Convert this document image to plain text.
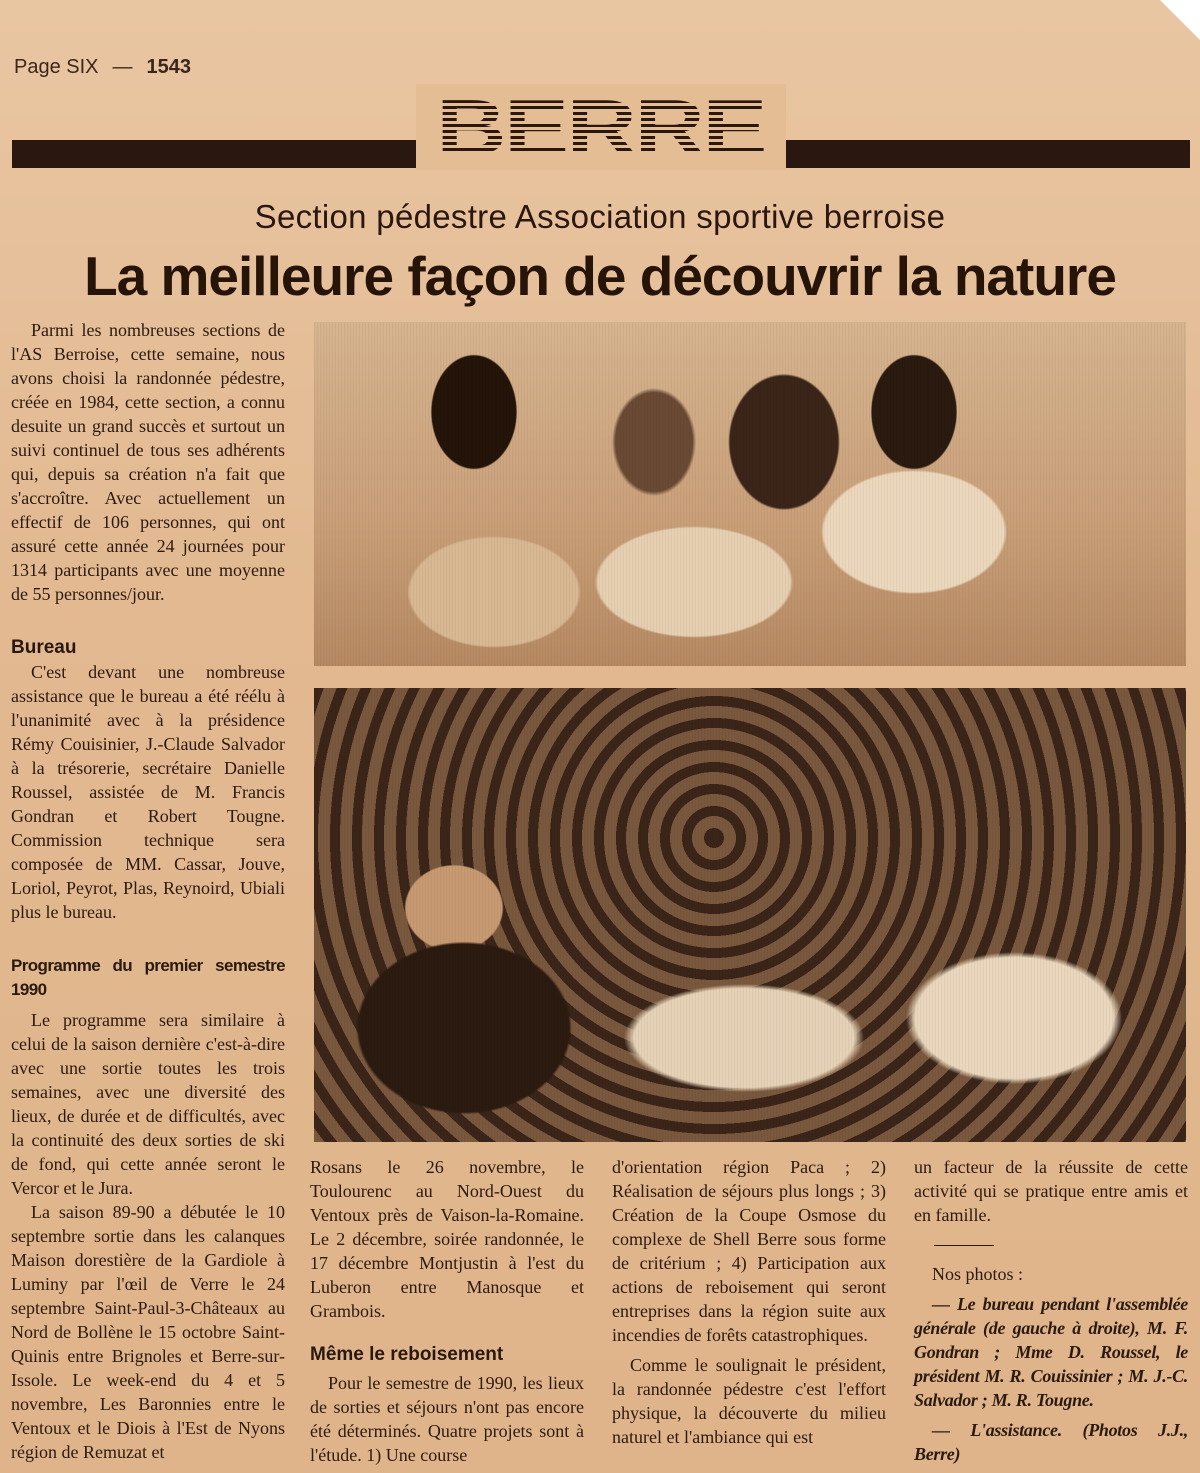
Page SIX — 1543
BERRE
Section pédestre Association sportive berroise
La meilleure façon de découvrir la nature

Parmi les nombreuses sections de l'AS Berroise, cette semaine, nous avons choisi la randonnée pédestre, créée en 1984, cette section, a connu desuite un grand succès et surtout un suivi continuel de tous ses adhérents qui, depuis sa création n'a fait que s'accroître. Avec actuellement un effectif de 106 personnes, qui ont assuré cette année 24 journées pour 1314 participants avec une moyenne de 55 personnes/jour.

Bureau

C'est devant une nombreuse assistance que le bureau a été réélu à l'unanimité avec à la présidence Rémy Couisinier, J.-Claude Salvador à la trésorerie, secrétaire Danielle Roussel, assistée de M. Francis Gondran et Robert Tougne. Commission technique sera composée de MM. Cassar, Jouve, Loriol, Peyrot, Plas, Reynoird, Ubiali plus le bureau.

Programme du premier semestre 1990

Le programme sera similaire à celui de la saison dernière c'est-à-dire avec une sortie toutes les trois semaines, avec une diversité des lieux, de durée et de difficultés, avec la continuité des deux sorties de ski de fond, qui cette année seront le Vercor et le Jura.

La saison 89-90 a débutée le 10 septembre sortie dans les calanques Maison dorestière de la Gardiole à Luminy par l'œil de Verre le 24 septembre Saint-Paul-3-Châteaux au Nord de Bollène le 15 octobre Saint-Quinis entre Brignoles et Berre-sur-Issole. Le week-end du 4 et 5 novembre, Les Baronnies entre le Ventoux et le Diois à l'Est de Nyons région de Remuzat et

Rosans le 26 novembre, le Toulourenc au Nord-Ouest du Ventoux près de Vaison-la-Romaine. Le 2 décembre, soirée randonnée, le 17 décembre Montjustin à l'est du Luberon entre Manosque et Grambois.

Même le reboisement

Pour le semestre de 1990, les lieux de sorties et séjours n'ont pas encore été déterminés. Quatre projets sont à l'étude. 1) Une course

d'orientation région Paca ; 2) Réalisation de séjours plus longs ; 3) Création de la Coupe Osmose du complexe de Shell Berre sous forme de critérium ; 4) Participation aux actions de reboisement qui seront entreprises dans la région suite aux incendies de forêts catastrophiques.

Comme le soulignait le président, la randonnée pédestre c'est l'effort physique, la découverte du milieu naturel et l'ambiance qui est

un facteur de la réussite de cette activité qui se pratique entre amis et en famille.

Nos photos :

— Le bureau pendant l'assemblée générale (de gauche à droite), M. F. Gondran ; Mme D. Roussel, le président M. R. Couissinier ; M. J.-C. Salvador ; M. R. Tougne.

— L'assistance. (Photos J.J., Berre)
